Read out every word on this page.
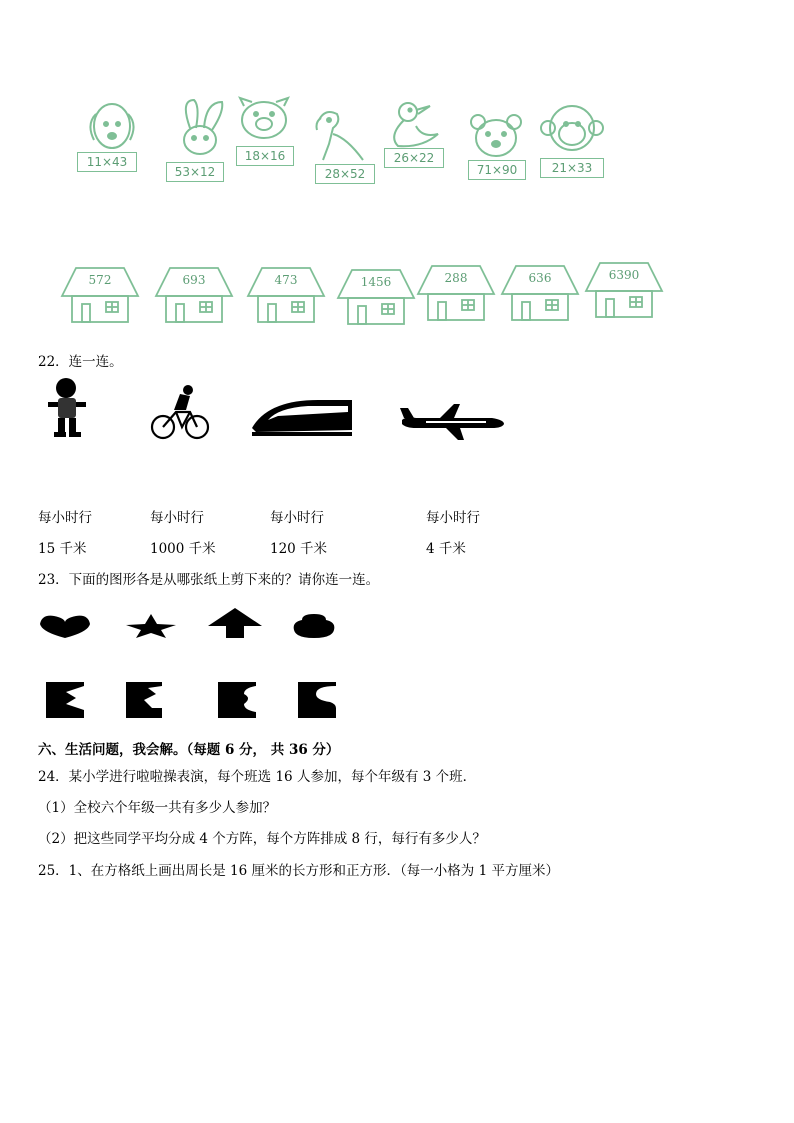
11×43
53×12
18×16
28×52
26×22
71×90	21×33
572	693	473	1456	288	636	6390
22．连一连。
每小时行	每小时行	每小时行	每小时行
15 千米	1000 千米	120 千米	4 千米
23．下面的图形各是从哪张纸上剪下来的？请你连一连。
六、生活问题，我会解。（每题 6 分， 共 36 分）
24．某小学进行啦啦操表演，每个班选 16 人参加，每个年级有 3 个班．
（1）全校六个年级一共有多少人参加？
（2）把这些同学平均分成 4 个方阵，每个方阵排成 8 行，每行有多少人？
25．1、在方格纸上画出周长是 16 厘米的长方形和正方形．（每一小格为 1 平方厘米）
